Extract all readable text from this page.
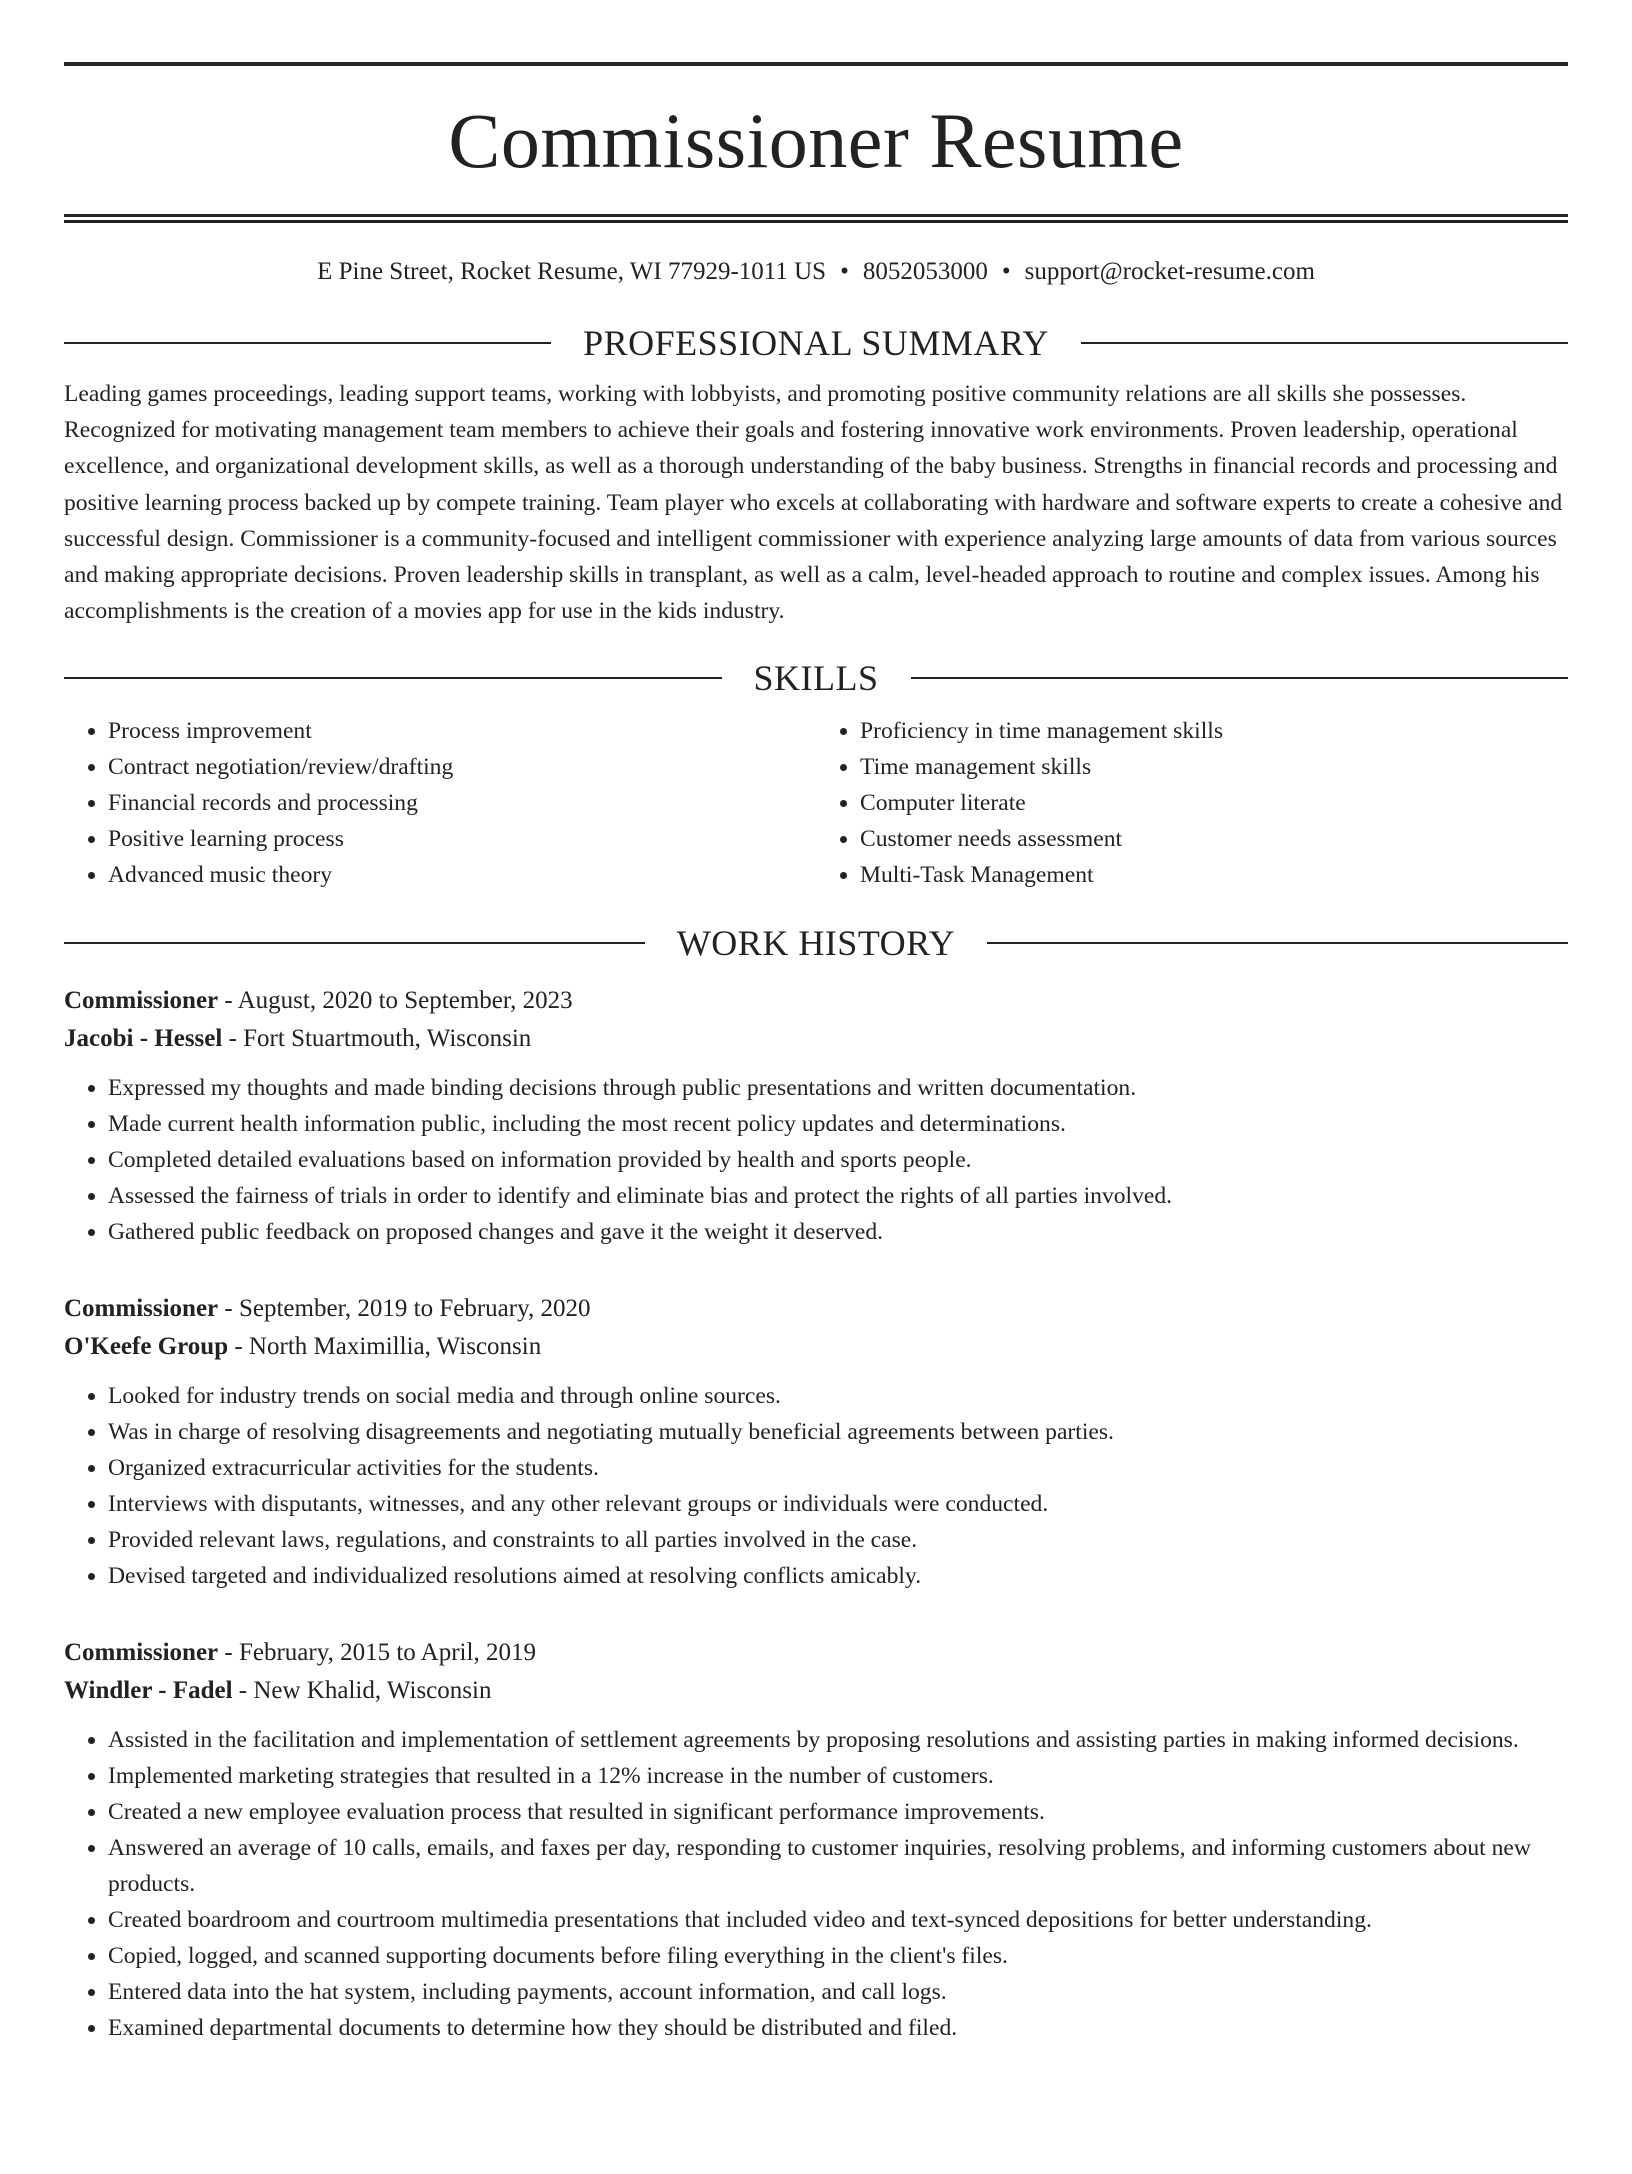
Commissioner Resume
E Pine Street, Rocket Resume, WI 77929-1011 US • 8052053000 • support@rocket-resume.com
PROFESSIONAL SUMMARY

Leading games proceedings, leading support teams, working with lobbyists, and promoting positive community relations are all skills she possesses. Recognized for motivating management team members to achieve their goals and fostering innovative work environments. Proven leadership, operational excellence, and organizational development skills, as well as a thorough understanding of the baby business. Strengths in financial records and processing and positive learning process backed up by compete training. Team player who excels at collaborating with hardware and software experts to create a cohesive and successful design. Commissioner is a community-focused and intelligent commissioner with experience analyzing large amounts of data from various sources and making appropriate decisions. Proven leadership skills in transplant, as well as a calm, level-headed approach to routine and complex issues. Among his accomplishments is the creation of a movies app for use in the kids industry.

SKILLS
• Process improvement
• Contract negotiation/review/drafting
• Financial records and processing
• Positive learning process
• Advanced music theory
• Proficiency in time management skills
• Time management skills
• Computer literate
• Customer needs assessment
• Multi-Task Management
WORK HISTORY
Commissioner - August, 2020 to September, 2023
Jacobi - Hessel - Fort Stuartmouth, Wisconsin
• Expressed my thoughts and made binding decisions through public presentations and written documentation.
• Made current health information public, including the most recent policy updates and determinations.
• Completed detailed evaluations based on information provided by health and sports people.
• Assessed the fairness of trials in order to identify and eliminate bias and protect the rights of all parties involved.
• Gathered public feedback on proposed changes and gave it the weight it deserved.
Commissioner - September, 2019 to February, 2020
O'Keefe Group - North Maximillia, Wisconsin
• Looked for industry trends on social media and through online sources.
• Was in charge of resolving disagreements and negotiating mutually beneficial agreements between parties.
• Organized extracurricular activities for the students.
• Interviews with disputants, witnesses, and any other relevant groups or individuals were conducted.
• Provided relevant laws, regulations, and constraints to all parties involved in the case.
• Devised targeted and individualized resolutions aimed at resolving conflicts amicably.
Commissioner - February, 2015 to April, 2019
Windler - Fadel - New Khalid, Wisconsin
• Assisted in the facilitation and implementation of settlement agreements by proposing resolutions and assisting parties in making informed decisions.
• Implemented marketing strategies that resulted in a 12% increase in the number of customers.
• Created a new employee evaluation process that resulted in significant performance improvements.
• Answered an average of 10 calls, emails, and faxes per day, responding to customer inquiries, resolving problems, and informing customers about new products.
• Created boardroom and courtroom multimedia presentations that included video and text-synced depositions for better understanding.
• Copied, logged, and scanned supporting documents before filing everything in the client's files.
• Entered data into the hat system, including payments, account information, and call logs.
• Examined departmental documents to determine how they should be distributed and filed.
